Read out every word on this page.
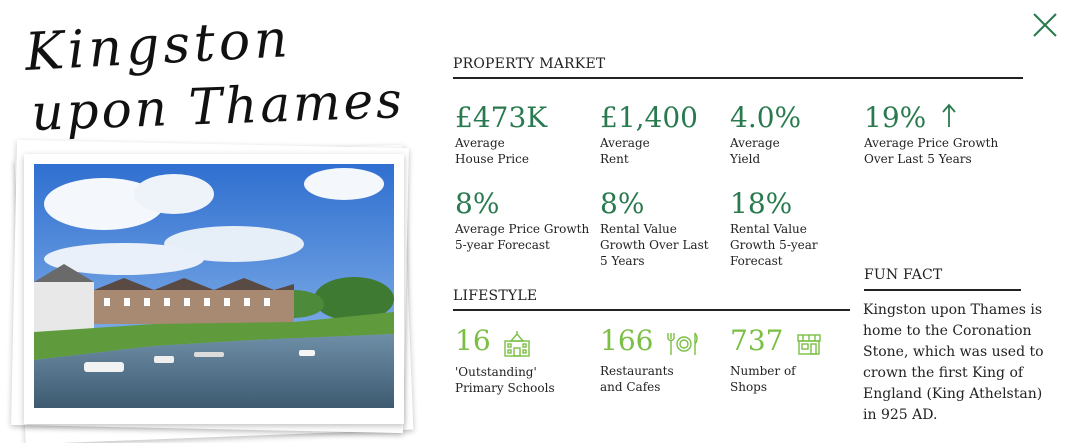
Kingston
upon Thames
PROPERTY MARKET
£473K
Average
House Price
£1,400
Average
Rent
4.0%
Average
Yield
19%
Average Price Growth
Over Last 5 Years
8%
Average Price Growth
5-year Forecast
8%
Rental Value
Growth Over Last
5 Years
18%
Rental Value
Growth 5-year
Forecast
LIFESTYLE
16
'Outstanding'
Primary Schools
166
Restaurants
and Cafes
737
Number of
Shops
FUN FACT
Kingston upon Thames is home to the Coronation Stone, which was used to crown the first King of England (King Athelstan) in 925 AD.
